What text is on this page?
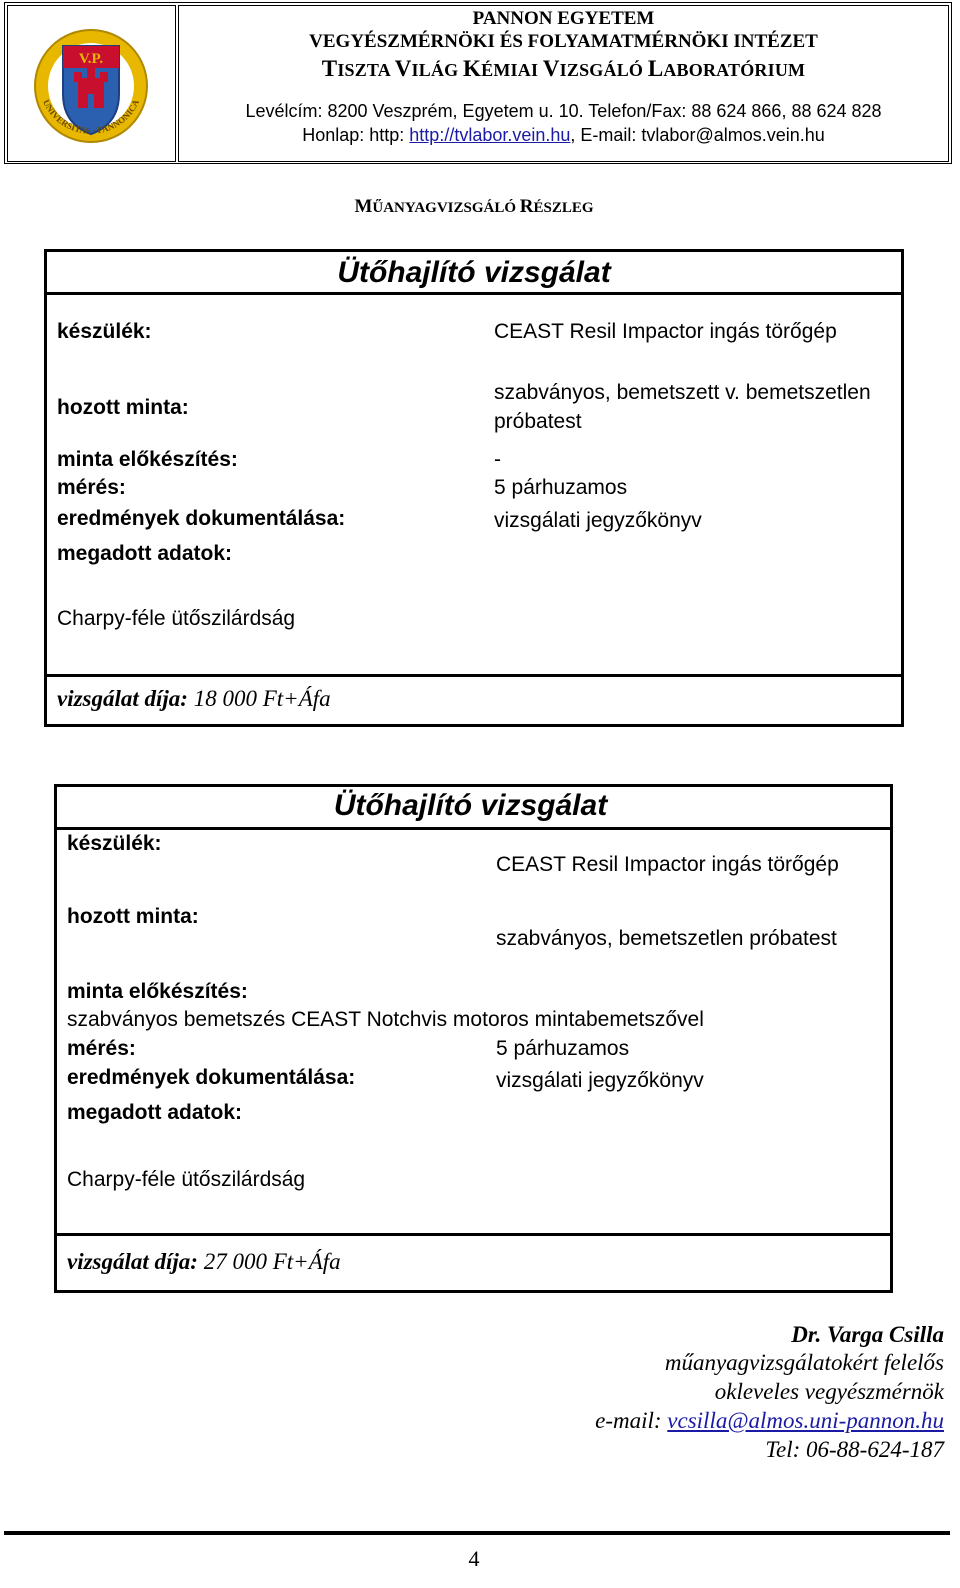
V.P.
UNIVERSITAS · PANNONICA
PANNON EGYETEM
VEGYÉSZMÉRNÖKI ÉS FOLYAMATMÉRNÖKI INTÉZET
TISZTA VILÁG KÉMIAI VIZSGÁLÓ LABORATÓRIUM
Levélcím: 8200 Veszprém, Egyetem u. 10. Telefon/Fax: 88 624 866, 88 624 828
Honlap: http: http://tvlabor.vein.hu, E-mail: tvlabor@almos.vein.hu
MŰANYAGVIZSGÁLÓ RÉSZLEG
Ütőhajlító vizsgálat
készülék:	CEAST Resil Impactor ingás törőgép
hozott minta:
szabványos, bemetszett v. bemetszetlen
próbatest
minta előkészítés:	-
mérés:	5 párhuzamos
eredmények dokumentálása:	vizsgálati jegyzőkönyv
megadott adatok:
Charpy-féle ütőszilárdság
vizsgálat díja: 18 000 Ft+Áfa
Ütőhajlító vizsgálat
készülék:
CEAST Resil Impactor ingás törőgép
hozott minta:
szabványos, bemetszetlen próbatest
minta előkészítés:
szabványos bemetszés CEAST Notchvis motoros mintabemetszővel
mérés:	5 párhuzamos
eredmények dokumentálása:	vizsgálati jegyzőkönyv
megadott adatok:
Charpy-féle ütőszilárdság
vizsgálat díja: 27 000 Ft+Áfa
Dr. Varga Csilla
műanyagvizsgálatokért felelős
okleveles vegyészmérnök
e-mail: vcsilla@almos.uni-pannon.hu
Tel: 06-88-624-187
4
